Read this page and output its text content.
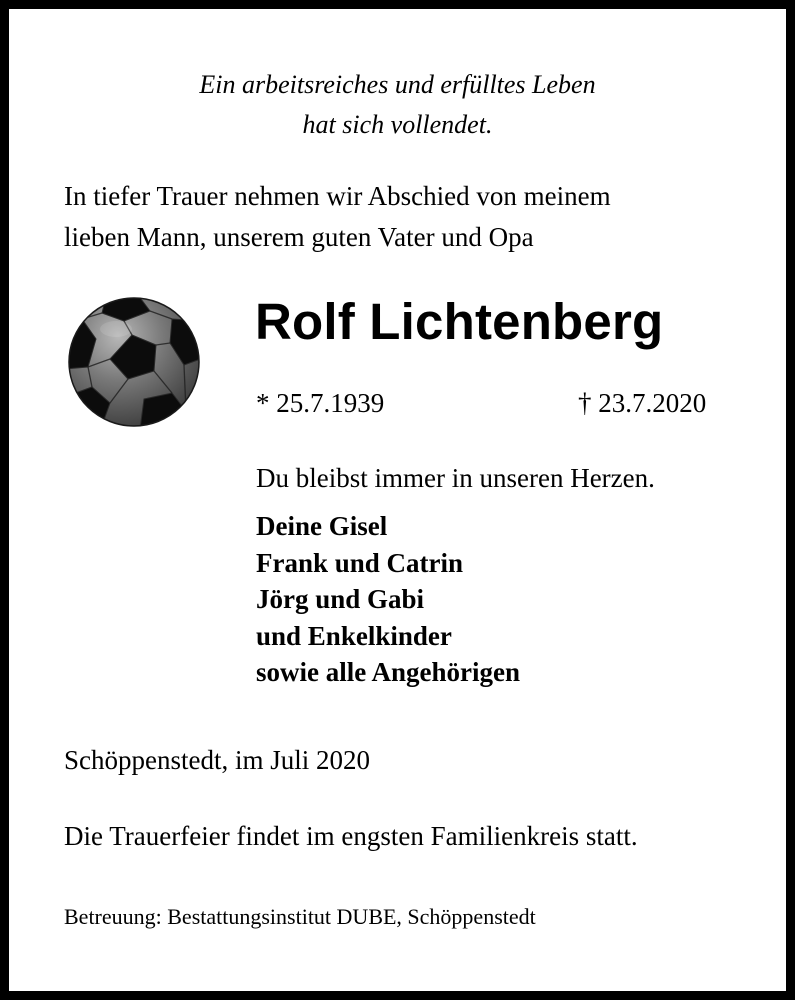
Ein arbeitsreiches und erfülltes Leben

hat sich vollendet.

In tiefer Trauer nehmen wir Abschied von meinem

lieben Mann, unserem guten Vater und Opa

Rolf Lichtenberg
* 25.7.1939	† 23.7.2020

Du bleibst immer in unseren Herzen.

Deine Gisel
Frank und Catrin
Jörg und Gabi
und Enkelkinder
sowie alle Angehörigen

Schöppenstedt, im Juli 2020

Die Trauerfeier findet im engsten Familienkreis statt.

Betreuung: Bestattungsinstitut DUBE, Schöppenstedt
